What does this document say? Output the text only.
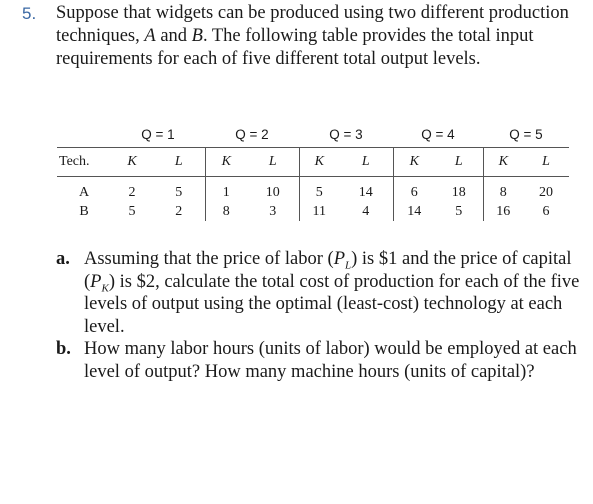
5. Suppose that widgets can be produced using two different production techniques, A and B. The following table provides the total input requirements for each of five different total output levels.
	Q = 1		Q = 2		Q = 3		Q = 4		Q = 5	
Tech.	K	L	K	L	K	L	K	L	K	L
A	2	5	1	10	5	14	6	18	8	20
B	5	2	8	3	11	4	14	5	16	6
a. Assuming that the price of labor $(P_L)$ is $1 and the price of capital $(P_K)$ is $2, calculate the total cost of production for each of the five levels of output using the optimal (least-cost) technology at each level.
b. How many labor hours (units of labor) would be employed at each level of output? How many machine hours (units of capital)?
